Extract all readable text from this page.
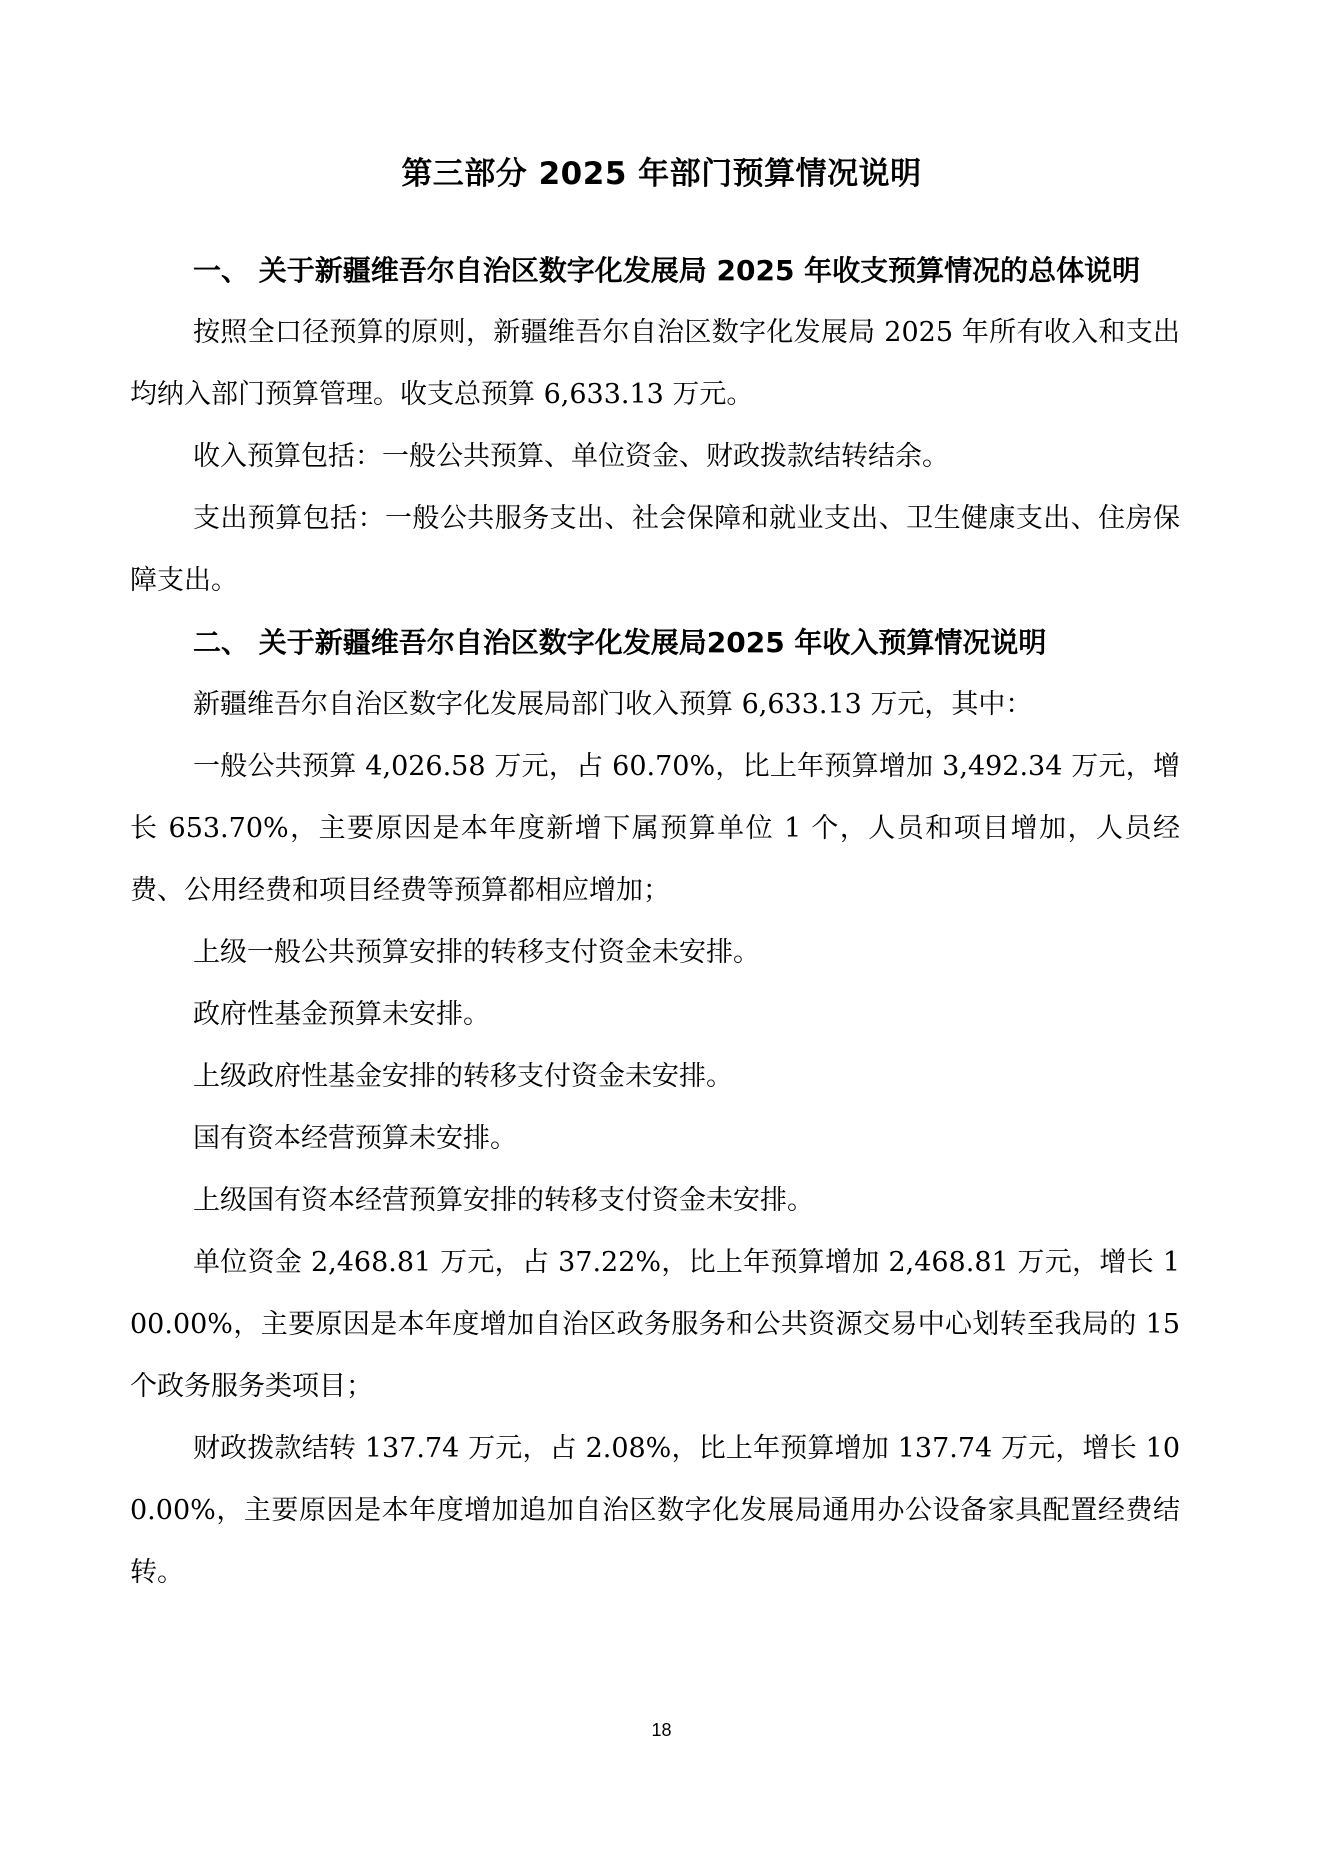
第三部分 2025 年部门预算情况说明

一、 关于新疆维吾尔自治区数字化发展局 2025 年收支预算情况的总体说明

按照全口径预算的原则，新疆维吾尔自治区数字化发展局 2025 年所有收入和支出均纳入部门预算管理。收支总预算 6,633.13 万元。

收入预算包括：一般公共预算、单位资金、财政拨款结转结余。

支出预算包括：一般公共服务支出、社会保障和就业支出、卫生健康支出、住房保障支出。

二、 关于新疆维吾尔自治区数字化发展局2025 年收入预算情况说明

新疆维吾尔自治区数字化发展局部门收入预算 6,633.13 万元，其中：

一般公共预算 4,026.58 万元，占 60.70%，比上年预算增加 3,492.34 万元，增长 653.70%，主要原因是本年度新增下属预算单位 1 个，人员和项目增加，人员经费、公用经费和项目经费等预算都相应增加；

上级一般公共预算安排的转移支付资金未安排。

政府性基金预算未安排。

上级政府性基金安排的转移支付资金未安排。

国有资本经营预算未安排。

上级国有资本经营预算安排的转移支付资金未安排。

单位资金 2,468.81 万元，占 37.22%，比上年预算增加 2,468.81 万元，增长 100.00%，主要原因是本年度增加自治区政务服务和公共资源交易中心划转至我局的 15 个政务服务类项目；

财政拨款结转 137.74 万元，占 2.08%，比上年预算增加 137.74 万元，增长 100.00%，主要原因是本年度增加追加自治区数字化发展局通用办公设备家具配置经费结转。

18
